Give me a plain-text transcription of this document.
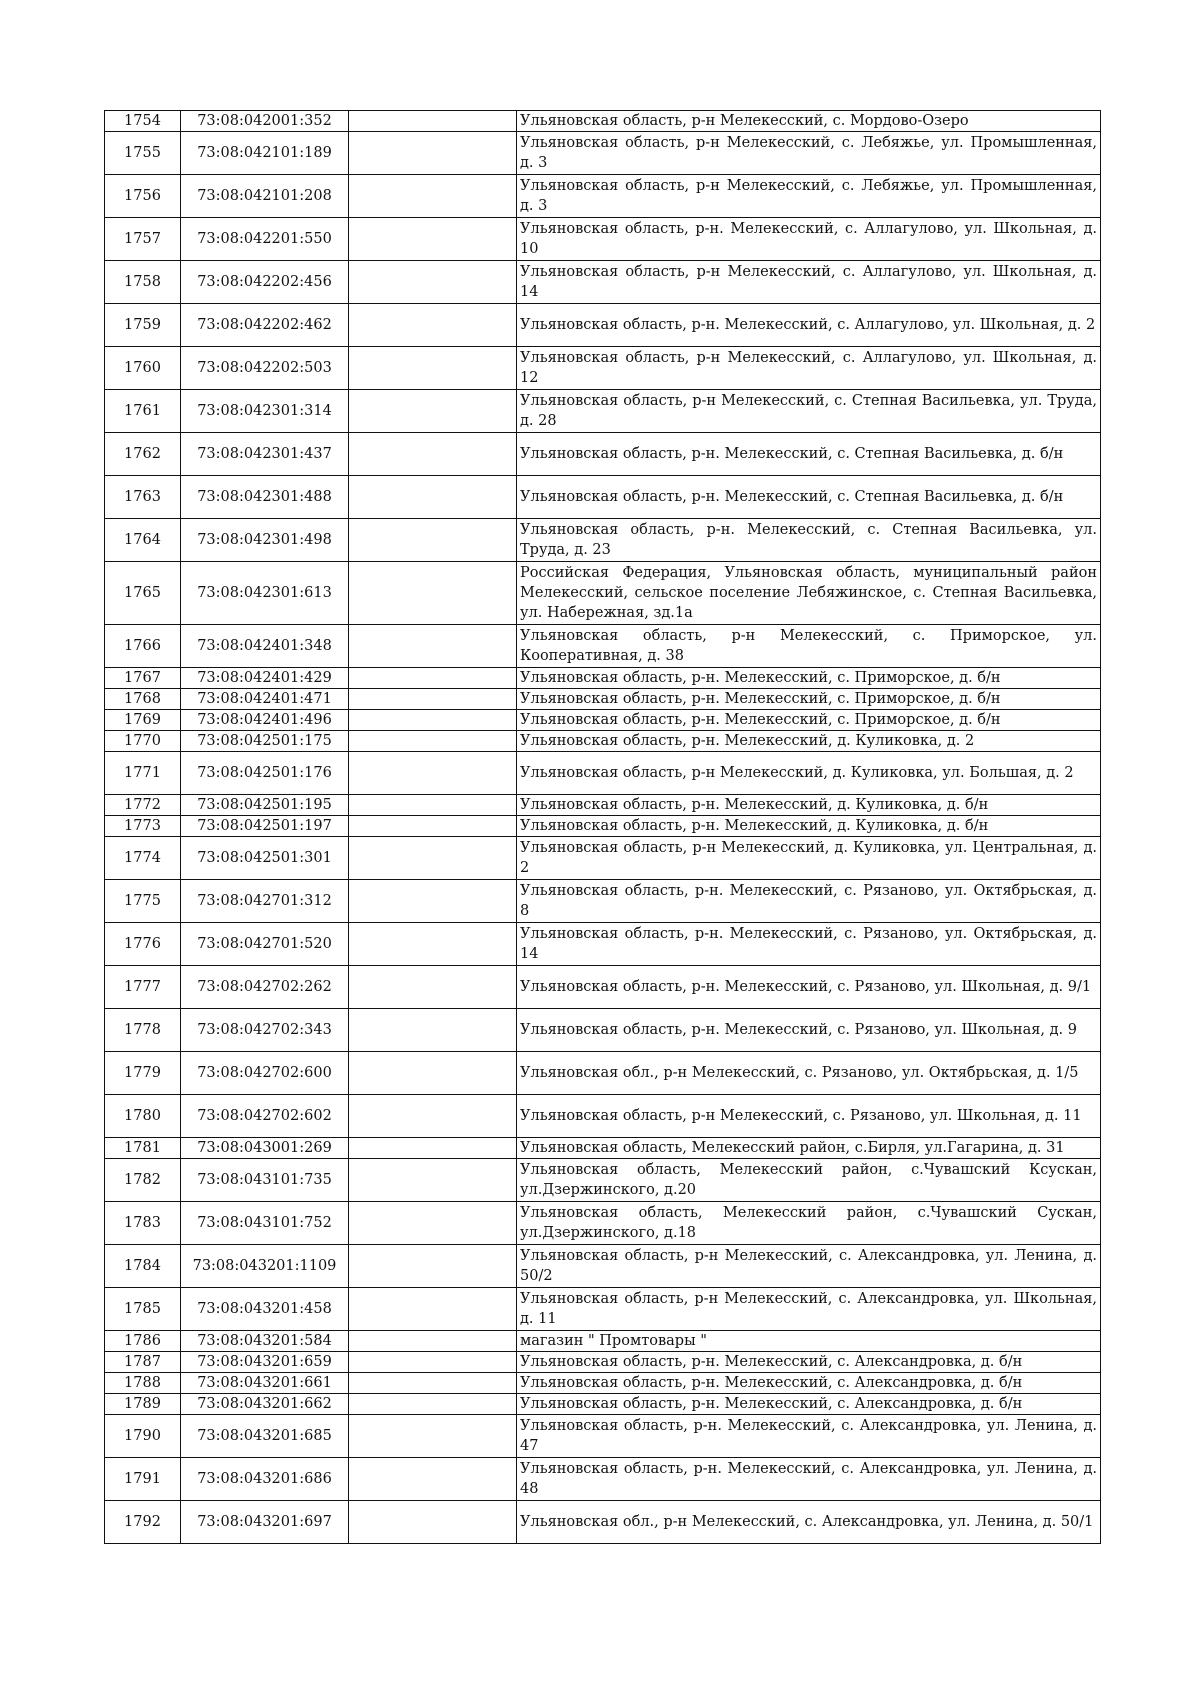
1754	73:08:042001:352		Ульяновская область, р-н Мелекесский, с. Мордово-Озеро
1755	73:08:042101:189		Ульяновская область, р-н Мелекесский, с. Лебяжье, ул. Промышленная, д. 3
1756	73:08:042101:208		Ульяновская область, р-н Мелекесский, с. Лебяжье, ул. Промышленная, д. 3
1757	73:08:042201:550		Ульяновская область, р-н. Мелекесский, с. Аллагулово, ул. Школьная, д. 10
1758	73:08:042202:456		Ульяновская область, р-н Мелекесский, с. Аллагулово, ул. Школьная, д. 14
1759	73:08:042202:462		Ульяновская область, р-н. Мелекесский, с. Аллагулово, ул. Школьная, д. 2
1760	73:08:042202:503		Ульяновская область, р-н Мелекесский, с. Аллагулово, ул. Школьная, д. 12
1761	73:08:042301:314		Ульяновская область, р-н Мелекесский, с. Степная Васильевка, ул. Труда, д. 28
1762	73:08:042301:437		Ульяновская область, р-н. Мелекесский, с. Степная Васильевка, д. б/н
1763	73:08:042301:488		Ульяновская область, р-н. Мелекесский, с. Степная Васильевка, д. б/н
1764	73:08:042301:498		Ульяновская область, р-н. Мелекесский, с. Степная Васильевка, ул. Труда, д. 23
1765	73:08:042301:613		Российская Федерация, Ульяновская область, муниципальный район Мелекесский, сельское поселение Лебяжинское, с. Степная Васильевка, ул. Набережная, зд.1а
1766	73:08:042401:348		Ульяновская область, р-н Мелекесский, с. Приморское, ул. Кооперативная, д. 38
1767	73:08:042401:429		Ульяновская область, р-н. Мелекесский, с. Приморское, д. б/н
1768	73:08:042401:471		Ульяновская область, р-н. Мелекесский, с. Приморское, д. б/н
1769	73:08:042401:496		Ульяновская область, р-н. Мелекесский, с. Приморское, д. б/н
1770	73:08:042501:175		Ульяновская область, р-н. Мелекесский, д. Куликовка, д. 2
1771	73:08:042501:176		Ульяновская область, р-н Мелекесский, д. Куликовка, ул. Большая, д. 2
1772	73:08:042501:195		Ульяновская область, р-н. Мелекесский, д. Куликовка, д. б/н
1773	73:08:042501:197		Ульяновская область, р-н. Мелекесский, д. Куликовка, д. б/н
1774	73:08:042501:301		Ульяновская область, р-н Мелекесский, д. Куликовка, ул. Центральная, д. 2
1775	73:08:042701:312		Ульяновская область, р-н. Мелекесский, с. Рязаново, ул. Октябрьская, д. 8
1776	73:08:042701:520		Ульяновская область, р-н. Мелекесский, с. Рязаново, ул. Октябрьская, д. 14
1777	73:08:042702:262		Ульяновская область, р-н. Мелекесский, с. Рязаново, ул. Школьная, д. 9/1
1778	73:08:042702:343		Ульяновская область, р-н. Мелекесский, с. Рязаново, ул. Школьная, д. 9
1779	73:08:042702:600		Ульяновская обл., р-н Мелекесский, с. Рязаново, ул. Октябрьская, д. 1/5
1780	73:08:042702:602		Ульяновская область, р-н Мелекесский, с. Рязаново, ул. Школьная, д. 11
1781	73:08:043001:269		Ульяновская область, Мелекесский район, с.Бирля, ул.Гагарина, д. 31
1782	73:08:043101:735		Ульяновская область, Мелекесский район, с.Чувашский Ксускан, ул.Дзержинского, д.20
1783	73:08:043101:752		Ульяновская область, Мелекесский район, с.Чувашский Сускан, ул.Дзержинского, д.18
1784	73:08:043201:1109		Ульяновская область, р-н Мелекесский, с. Александровка, ул. Ленина, д. 50/2
1785	73:08:043201:458		Ульяновская область, р-н Мелекесский, с. Александровка, ул. Школьная, д. 11
1786	73:08:043201:584		магазин " Промтовары "
1787	73:08:043201:659		Ульяновская область, р-н. Мелекесский, с. Александровка, д. б/н
1788	73:08:043201:661		Ульяновская область, р-н. Мелекесский, с. Александровка, д. б/н
1789	73:08:043201:662		Ульяновская область, р-н. Мелекесский, с. Александровка, д. б/н
1790	73:08:043201:685		Ульяновская область, р-н. Мелекесский, с. Александровка, ул. Ленина, д. 47
1791	73:08:043201:686		Ульяновская область, р-н. Мелекесский, с. Александровка, ул. Ленина, д. 48
1792	73:08:043201:697		Ульяновская обл., р-н Мелекесский, с. Александровка, ул. Ленина, д. 50/1
